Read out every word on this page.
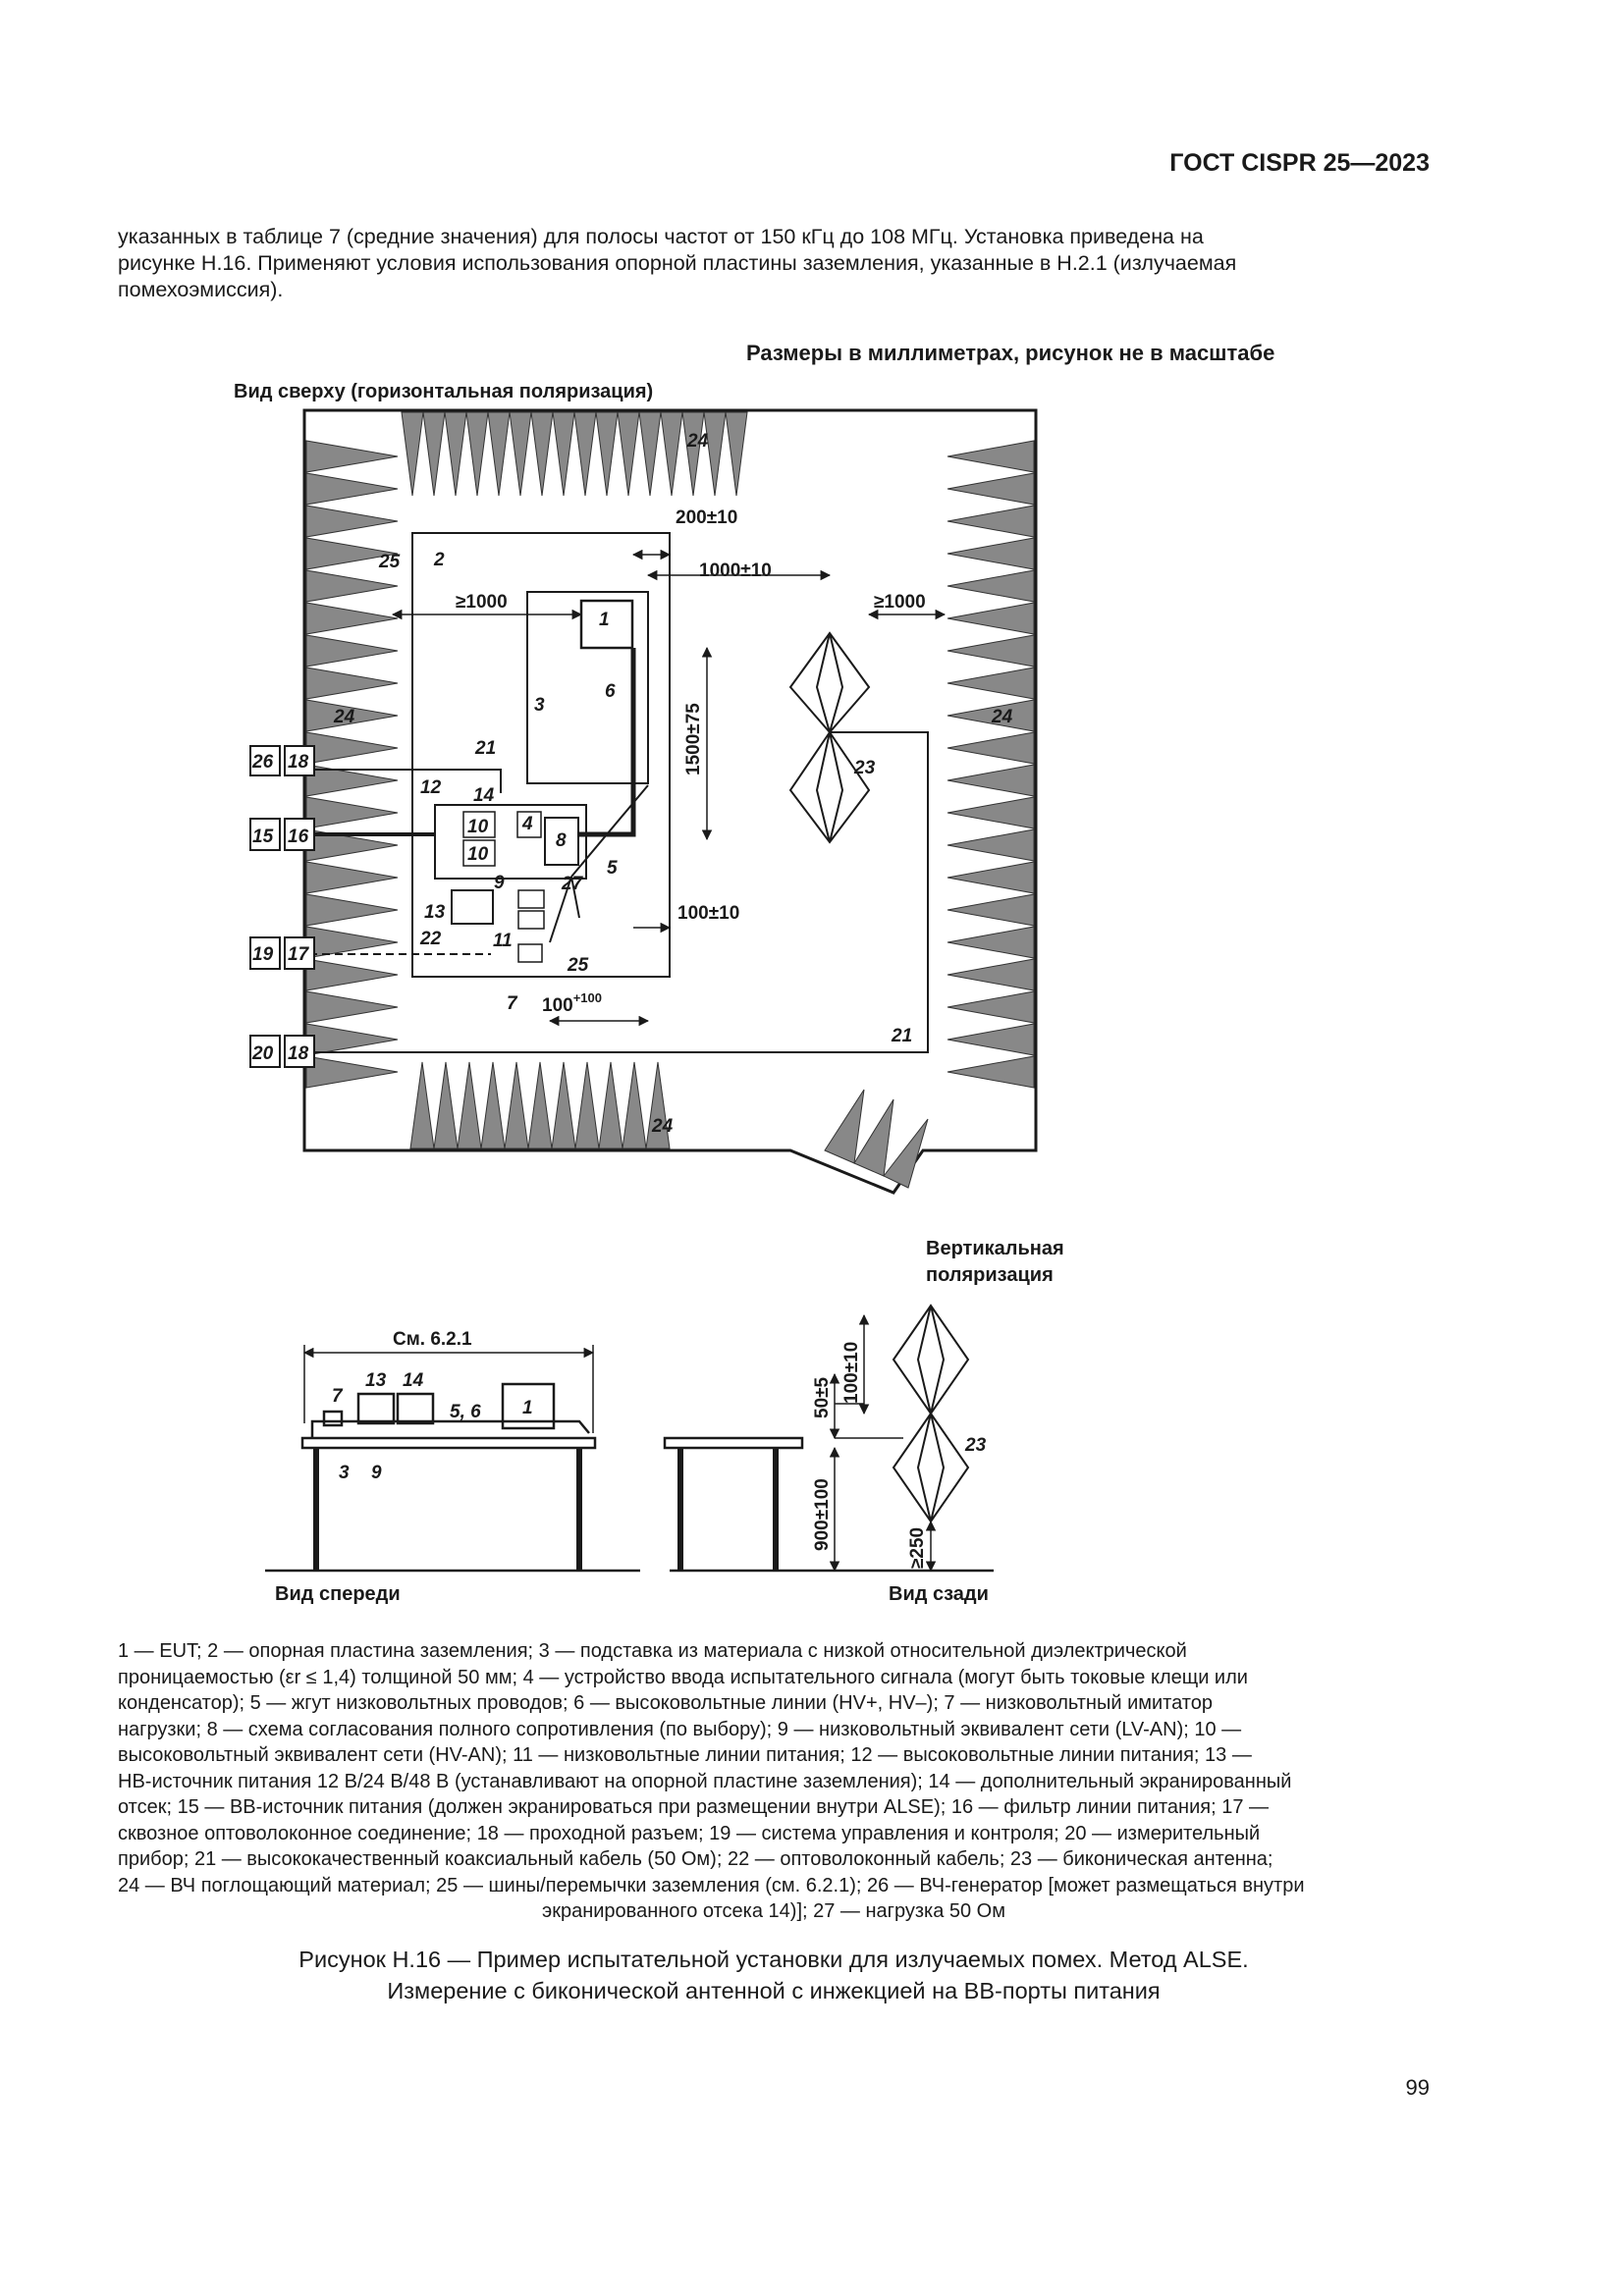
ГОСТ CISPR 25—2023

указанных в таблице 7 (средние значения) для полосы частот от 150 кГц до 108 МГц. Установка приведена на

рисунке Н.16. Применяют условия использования опорной пластины заземления, указанные в Н.2.1 (излучаемая

помехоэмиссия).

Размеры в миллиметрах, рисунок не в масштабе
Вид сверху (горизонтальная поляризация)
200±10
1000±10
≥1000	≥1000
1500±75
100±10
$100^{+100}$
1
2
3
4
5
6
7
8
9
10
10
11
12
13
14
15 16
17
18
18
19
20
21
21
22
23
24
24	24
24
25
25
26
27
Вертикальная
поляризация
См. 6.2.1
7
13 14
5, 6 1
3 9
Вид спереди
100±10
50±5
900±100	≥250
23
Вид сзади

1 — EUT; 2 — опорная пластина заземления; 3 — подставка из материала с низкой относительной диэлектрической

проницаемостью (εr ≤ 1,4) толщиной 50 мм; 4 — устройство ввода испытательного сигнала (могут быть токовые клещи или

конденсатор); 5 — жгут низковольтных проводов; 6 — высоковольтные линии (HV+, HV–); 7 — низковольтный имитатор

нагрузки; 8 — схема согласования полного сопротивления (по выбору); 9 — низковольтный эквивалент сети (LV-AN); 10 —

высоковольтный эквивалент сети (HV-AN); 11 — низковольтные линии питания; 12 — высоковольтные линии питания; 13 —

НВ-источник питания 12 В/24 В/48 В (устанавливают на опорной пластине заземления); 14 — дополнительный экранированный

отсек; 15 — ВВ-источник питания (должен экранироваться при размещении внутри ALSE); 16 — фильтр линии питания; 17 —

сквозное оптоволоконное соединение; 18 — проходной разъем; 19 — система управления и контроля; 20 — измерительный

прибор; 21 — высококачественный коаксиальный кабель (50 Ом); 22 — оптоволоконный кабель; 23 — биконическая антенна;

24 — ВЧ поглощающий материал; 25 — шины/перемычки заземления (см. 6.2.1); 26 — ВЧ-генератор [может размещаться внутри

экранированного отсека 14)]; 27 — нагрузка 50 Ом

Рисунок Н.16 — Пример испытательной установки для излучаемых помех. Метод ALSE.
Измерение с биконической антенной с инжекцией на ВВ-порты питания
99
